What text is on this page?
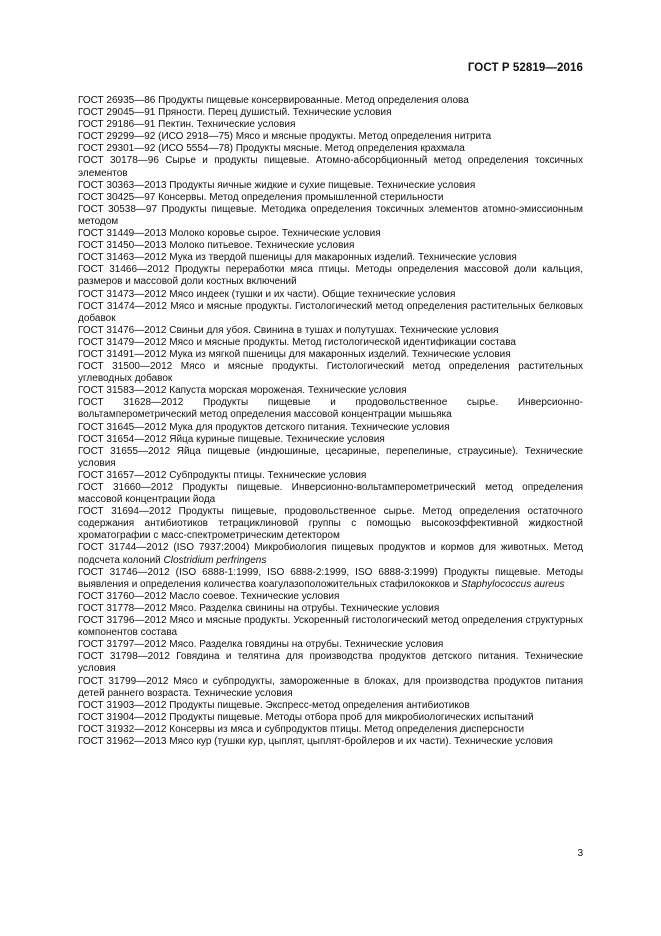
ГОСТ Р 52819—2016

ГОСТ 26935—86 Продукты пищевые консервированные. Метод определения олова

ГОСТ 29045—91 Пряности. Перец душистый. Технические условия

ГОСТ 29186—91 Пектин. Технические условия

ГОСТ 29299—92 (ИСО 2918—75) Мясо и мясные продукты. Метод определения нитрита

ГОСТ 29301—92 (ИСО 5554—78) Продукты мясные. Метод определения крахмала

ГОСТ 30178—96 Сырье и продукты пищевые. Атомно-абсорбционный метод определения токсичных элементов

ГОСТ 30363—2013 Продукты яичные жидкие и сухие пищевые. Технические условия

ГОСТ 30425—97 Консервы. Метод определения промышленной стерильности

ГОСТ 30538—97 Продукты пищевые. Методика определения токсичных элементов атомно-эмиссионным методом

ГОСТ 31449—2013 Молоко коровье сырое. Технические условия

ГОСТ 31450—2013 Молоко питьевое. Технические условия

ГОСТ 31463—2012 Мука из твердой пшеницы для макаронных изделий. Технические условия

ГОСТ 31466—2012 Продукты переработки мяса птицы. Методы определения массовой доли кальция, размеров и массовой доли костных включений

ГОСТ 31473—2012 Мясо индеек (тушки и их части). Общие технические условия

ГОСТ 31474—2012 Мясо и мясные продукты. Гистологический метод определения растительных белковых добавок

ГОСТ 31476—2012 Свиньи для убоя. Свинина в тушах и полутушах. Технические условия

ГОСТ 31479—2012 Мясо и мясные продукты. Метод гистологической идентификации состава

ГОСТ 31491—2012 Мука из мягкой пшеницы для макаронных изделий. Технические условия

ГОСТ 31500—2012 Мясо и мясные продукты. Гистологический метод определения растительных углеводных добавок

ГОСТ 31583—2012 Капуста морская мороженая. Технические условия

ГОСТ 31628—2012 Продукты пищевые и продовольственное сырье. Инверсионно-вольтамперометрический метод определения массовой концентрации мышьяка

ГОСТ 31645—2012 Мука для продуктов детского питания. Технические условия

ГОСТ 31654—2012 Яйца куриные пищевые. Технические условия

ГОСТ 31655—2012 Яйца пищевые (индюшиные, цесариные, перепелиные, страусиные). Технические условия

ГОСТ 31657—2012 Субпродукты птицы. Технические условия

ГОСТ 31660—2012 Продукты пищевые. Инверсионно-вольтамперометрический метод определения массовой концентрации йода

ГОСТ 31694—2012 Продукты пищевые, продовольственное сырье. Метод определения остаточного содержания антибиотиков тетрациклиновой группы с помощью высокоэффективной жидкостной хроматографии с масс-спектрометрическим детектором

ГОСТ 31744—2012 (ISO 7937:2004) Микробиология пищевых продуктов и кормов для животных. Метод подсчета колоний Clostridium perfringens

ГОСТ 31746—2012 (ISO 6888-1:1999, ISO 6888-2:1999, ISO 6888-3:1999) Продукты пищевые. Методы выявления и определения количества коагулазоположительных стафилококков и Staphylococcus aureus

ГОСТ 31760—2012 Масло соевое. Технические условия

ГОСТ 31778—2012 Мясо. Разделка свинины на отрубы. Технические условия

ГОСТ 31796—2012 Мясо и мясные продукты. Ускоренный гистологический метод определения структурных компонентов состава

ГОСТ 31797—2012 Мясо. Разделка говядины на отрубы. Технические условия

ГОСТ 31798—2012 Говядина и телятина для производства продуктов детского питания. Технические условия

ГОСТ 31799—2012 Мясо и субпродукты, замороженные в блоках, для производства продуктов питания детей раннего возраста. Технические условия

ГОСТ 31903—2012 Продукты пищевые. Экспресс-метод определения антибиотиков

ГОСТ 31904—2012 Продукты пищевые. Методы отбора проб для микробиологических испытаний

ГОСТ 31932—2012 Консервы из мяса и субпродуктов птицы. Метод определения дисперсности

ГОСТ 31962—2013 Мясо кур (тушки кур, цыплят, цыплят-бройлеров и их части). Технические условия

3
